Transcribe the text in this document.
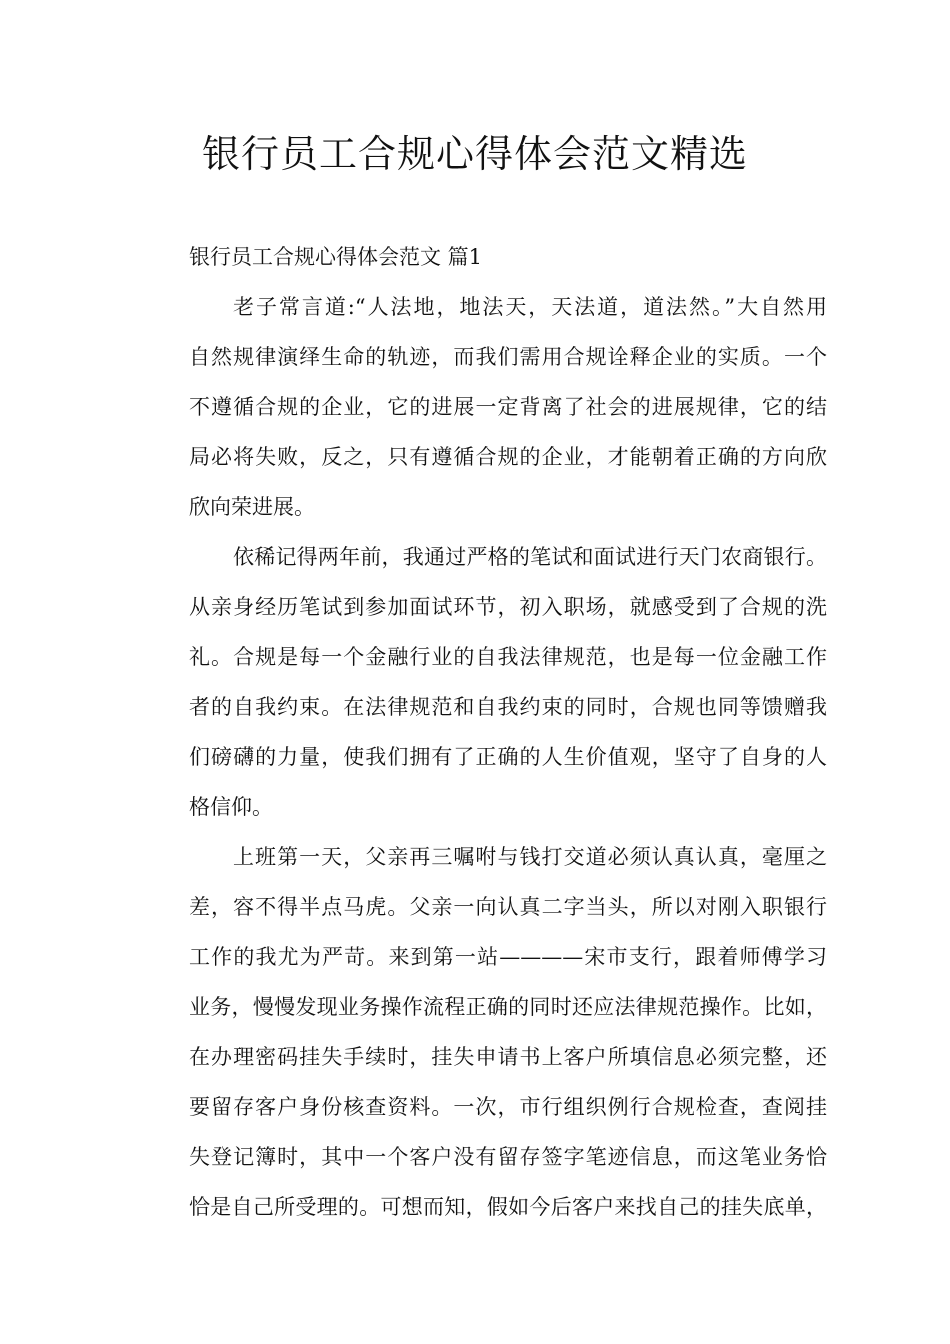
银行员工合规心得体会范文精选
银行员工合规心得体会范文 篇1
老子常言道:“人法地，地法天，天法道，道法然。”大自然用
自然规律演绎生命的轨迹，而我们需用合规诠释企业的实质。一个
不遵循合规的企业，它的进展一定背离了社会的进展规律，它的结
局必将失败，反之，只有遵循合规的企业，才能朝着正确的方向欣
欣向荣进展。
依稀记得两年前，我通过严格的笔试和面试进行天门农商银行。
从亲身经历笔试到参加面试环节，初入职场，就感受到了合规的洗
礼。合规是每一个金融行业的自我法律规范，也是每一位金融工作
者的自我约束。在法律规范和自我约束的同时，合规也同等馈赠我
们磅礴的力量，使我们拥有了正确的人生价值观，坚守了自身的人
格信仰。
上班第一天，父亲再三嘱咐与钱打交道必须认真认真，毫厘之
差，容不得半点马虎。父亲一向认真二字当头，所以对刚入职银行
工作的我尤为严苛。来到第一站————宋市支行，跟着师傅学习
业务，慢慢发现业务操作流程正确的同时还应法律规范操作。比如，
在办理密码挂失手续时，挂失申请书上客户所填信息必须完整，还
要留存客户身份核查资料。一次，市行组织例行合规检查，查阅挂
失登记簿时，其中一个客户没有留存签字笔迹信息，而这笔业务恰
恰是自己所受理的。可想而知，假如今后客户来找自己的挂失底单，
